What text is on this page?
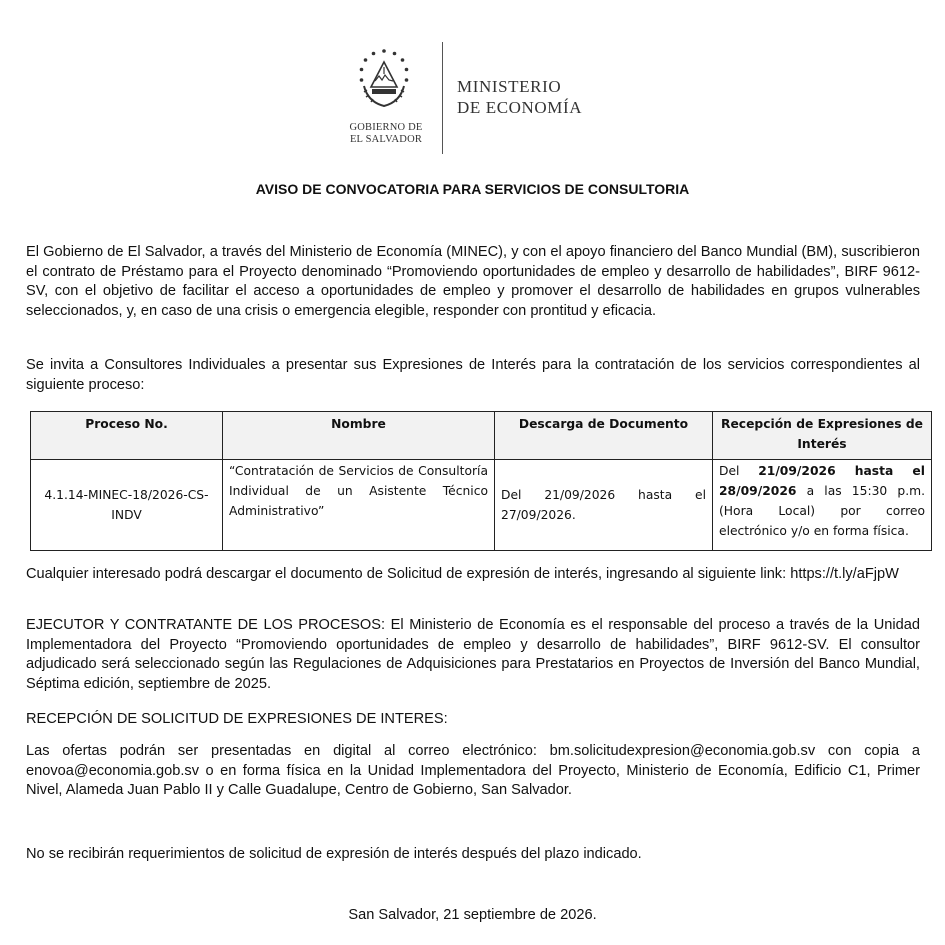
GOBIERNO DE
EL SALVADOR
MINISTERIO
DE ECONOMÍA
AVISO DE CONVOCATORIA PARA SERVICIOS DE CONSULTORIA

El Gobierno de El Salvador, a través del Ministerio de Economía (MINEC), y con el apoyo financiero del Banco Mundial (BM), suscribieron el contrato de Préstamo para el Proyecto denominado “Promoviendo oportunidades de empleo y desarrollo de habilidades”, BIRF 9612-SV, con el objetivo de facilitar el acceso a oportunidades de empleo y promover el desarrollo de habilidades en grupos vulnerables seleccionados, y, en caso de una crisis o emergencia elegible, responder con prontitud y eficacia.

Se invita a Consultores Individuales a presentar sus Expresiones de Interés para la contratación de los servicios correspondientes al siguiente proceso:

Proceso No.	Nombre	Descarga de Documento	Recepción de Expresiones de Interés
4.1.14-MINEC-18/2026-CS-INDV	“Contratación de Servicios de Consultoría Individual de un Asistente Técnico Administrativo”	Del 21/09/2026 hasta el 27/09/2026.	Del 21/09/2026 hasta el 28/09/2026 a las 15:30 p.m. (Hora Local) por correo electrónico y/o en forma física.

Cualquier interesado podrá descargar el documento de Solicitud de expresión de interés, ingresando al siguiente link: https://t.ly/aFjpW

EJECUTOR Y CONTRATANTE DE LOS PROCESOS: El Ministerio de Economía es el responsable del proceso a través de la Unidad Implementadora del Proyecto “Promoviendo oportunidades de empleo y desarrollo de habilidades”, BIRF 9612-SV. El consultor adjudicado será seleccionado según las Regulaciones de Adquisiciones para Prestatarios en Proyectos de Inversión del Banco Mundial, Séptima edición, septiembre de 2025.

RECEPCIÓN DE SOLICITUD DE EXPRESIONES DE INTERES:

Las ofertas podrán ser presentadas en digital al correo electrónico: bm.solicitudexpresion@economia.gob.sv con copia a enovoa@economia.gob.sv o en forma física en la Unidad Implementadora del Proyecto, Ministerio de Economía, Edificio C1, Primer Nivel, Alameda Juan Pablo II y Calle Guadalupe, Centro de Gobierno, San Salvador.

No se recibirán requerimientos de solicitud de expresión de interés después del plazo indicado.

San Salvador, 21 septiembre de 2026.
